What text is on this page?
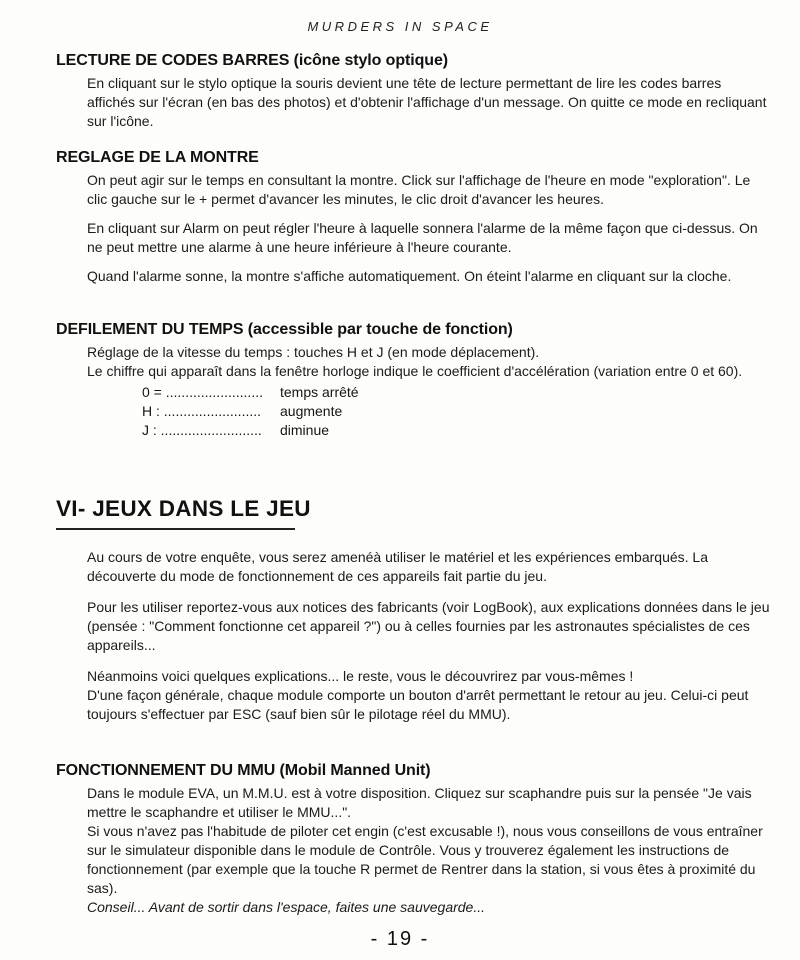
MURDERS IN SPACE
LECTURE DE CODES BARRES (icône stylo optique)

En cliquant sur le stylo optique la souris devient une tête de lecture permettant de lire les codes barres affichés sur l'écran (en bas des photos) et d'obtenir l'affichage d'un message. On quitte ce mode en recliquant sur l'icône.

REGLAGE DE LA MONTRE

On peut agir sur le temps en consultant la montre. Click sur l'affichage de l'heure en mode "exploration". Le clic gauche sur le + permet d'avancer les minutes, le clic droit d'avancer les heures.

En cliquant sur Alarm on peut régler l'heure à laquelle sonnera l'alarme de la même façon que ci-dessus. On ne peut mettre une alarme à une heure inférieure à l'heure courante.

Quand l'alarme sonne, la montre s'affiche automatiquement. On éteint l'alarme en cliquant sur la cloche.

DEFILEMENT DU TEMPS (accessible par touche de fonction)

Réglage de la vitesse du temps : touches H et J (en mode déplacement).

Le chiffre qui apparaît dans la fenêtre horloge indique le coefficient d'accélération (variation entre 0 et 60).

0 = .........................	temps arrêté
H : .........................	augmente
J : ..........................	diminue
VI- JEUX DANS LE JEU

Au cours de votre enquête, vous serez amenéà utiliser le matériel et les expériences embarqués. La découverte du mode de fonctionnement de ces appareils fait partie du jeu.

Pour les utiliser reportez-vous aux notices des fabricants (voir LogBook), aux explications données dans le jeu (pensée : "Comment fonctionne cet appareil ?") ou à celles fournies par les astronautes spécialistes de ces appareils...

Néanmoins voici quelques explications... le reste, vous le découvrirez par vous-mêmes !

D'une façon générale, chaque module comporte un bouton d'arrêt permettant le retour au jeu. Celui-ci peut toujours s'effectuer par ESC (sauf bien sûr le pilotage réel du MMU).

FONCTIONNEMENT DU MMU (Mobil Manned Unit)

Dans le module EVA, un M.M.U. est à votre disposition. Cliquez sur scaphandre puis sur la pensée "Je vais mettre le scaphandre et utiliser le MMU...".

Si vous n'avez pas l'habitude de piloter cet engin (c'est excusable !), nous vous conseillons de vous entraîner sur le simulateur disponible dans le module de Contrôle. Vous y trouverez également les instructions de fonctionnement (par exemple que la touche R permet de Rentrer dans la station, si vous êtes à proximité du sas).

Conseil... Avant de sortir dans l'espace, faites une sauvegarde...

- 19 -
